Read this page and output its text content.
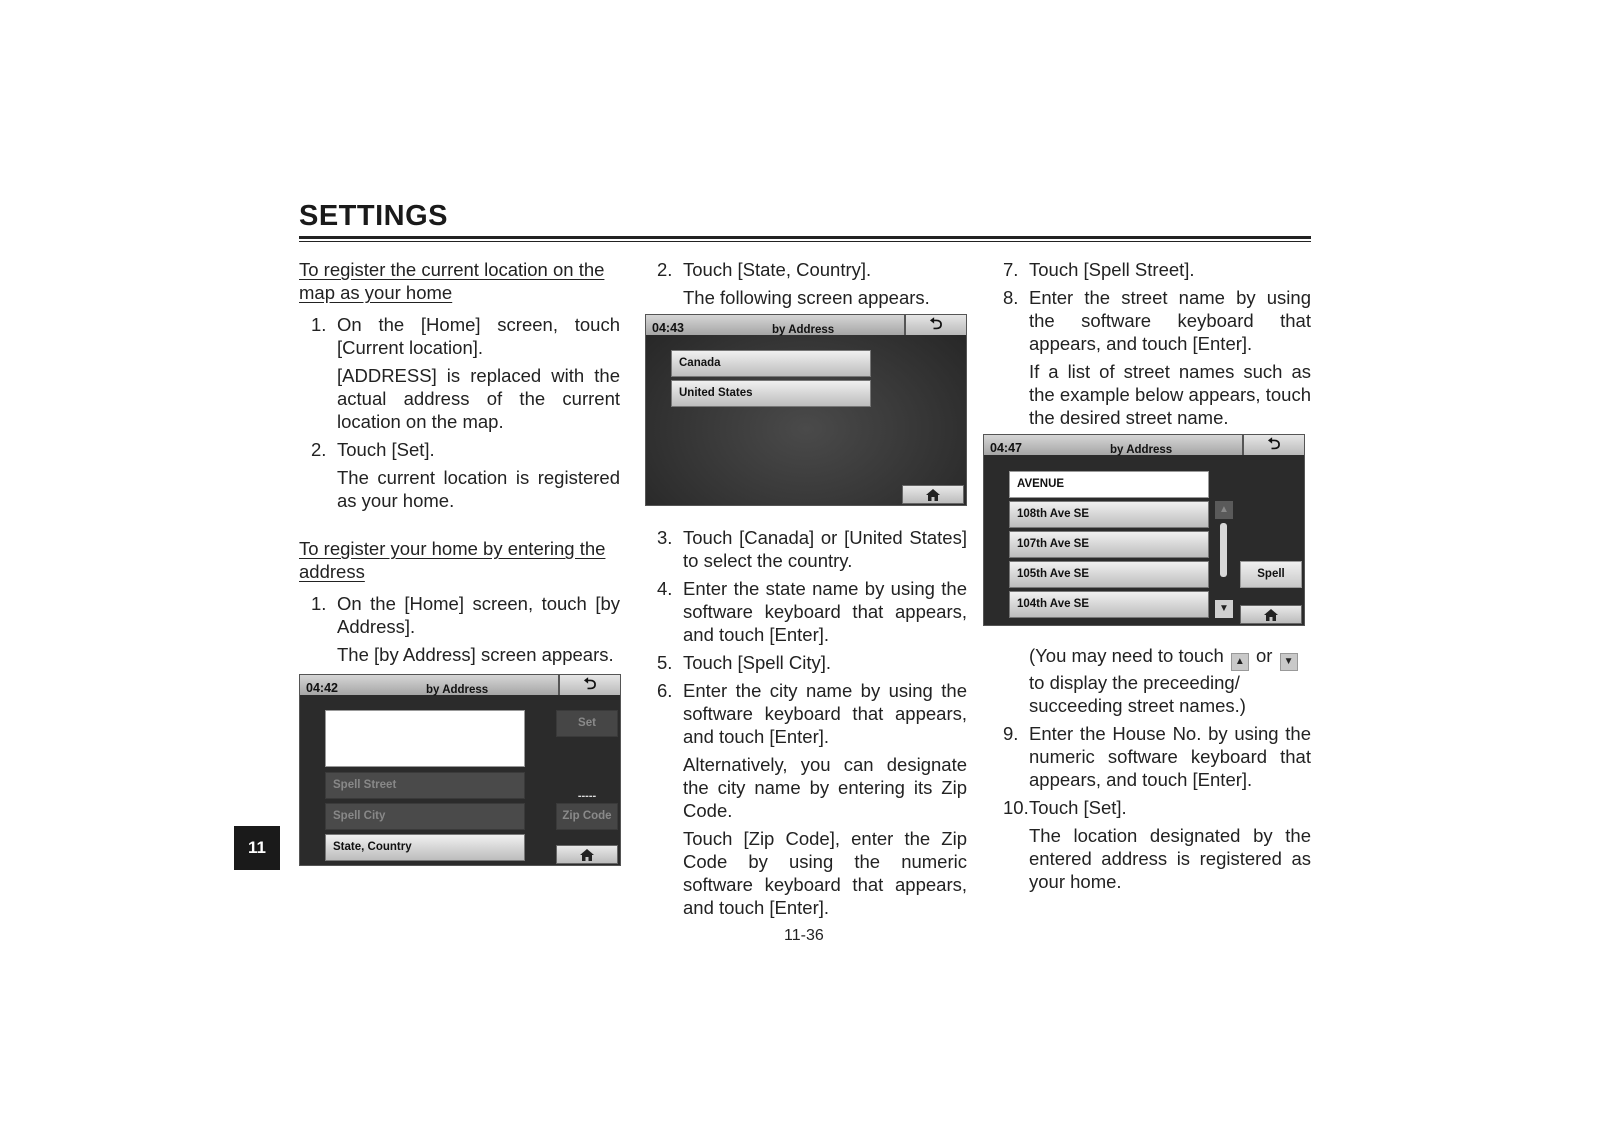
SETTINGS
To register the current location on the map as your home
1. On the [Home] screen, touch [Current location].
[ADDRESS] is replaced with the actual address of the current location on the map.
2. Touch [Set].
The current location is registered as your home.
To register your home by entering the address
1. On the [Home] screen, touch [by Address].
The [by Address] screen appears.
04:42	by Address	⮌
Spell Street
Spell City
State, Country
Set
-----
Zip Code
2. Touch [State, Country].
The following screen appears.
04:43	by Address	⮌
Canada
United States
3. Touch [Canada] or [United States] to select the country.
4. Enter the state name by using the software keyboard that appears, and touch [Enter].
5. Touch [Spell City].
6. Enter the city name by using the software keyboard that appears, and touch [Enter].
Alternatively, you can designate the city name by entering its Zip Code.
Touch [Zip Code], enter the Zip Code by using the numeric software keyboard that appears, and touch [Enter].
7. Touch [Spell Street].
8. Enter the street name by using the software keyboard that appears, and touch [Enter].
If a list of street names such as the example below appears, touch the desired street name.
04:47	by Address	⮌
AVENUE
108th Ave SE
107th Ave SE
105th Ave SE
104th Ave SE
▲
▼
Spell
(You may need to touch ▲ or ▼ to display the preceeding/ succeeding street names.)
9. Enter the House No. by using the numeric software keyboard that appears, and touch [Enter].
10. Touch [Set].
The location designated by the entered address is registered as your home.
11
11-36
